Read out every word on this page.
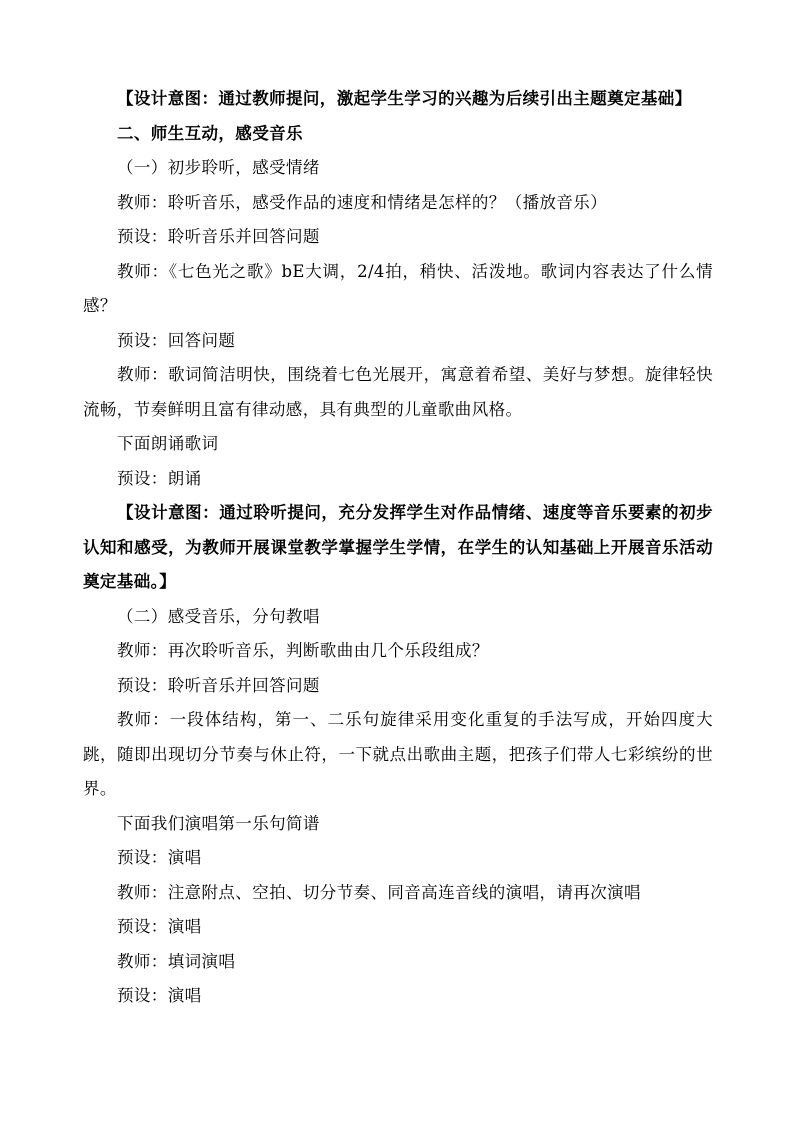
【设计意图：通过教师提问，激起学生学习的兴趣为后续引出主题奠定基础】

二、师生互动，感受音乐

（一）初步聆听，感受情绪

教师：聆听音乐，感受作品的速度和情绪是怎样的？（播放音乐）

预设：聆听音乐并回答问题

教师：《七色光之歌》bE大调，2/4拍，稍快、活泼地。歌词内容表达了什么情感？

预设：回答问题

教师：歌词简洁明快，围绕着七色光展开，寓意着希望、美好与梦想。旋律轻快流畅，节奏鲜明且富有律动感，具有典型的儿童歌曲风格。

下面朗诵歌词

预设：朗诵

【设计意图：通过聆听提问，充分发挥学生对作品情绪、速度等音乐要素的初步认知和感受，为教师开展课堂教学掌握学生学情，在学生的认知基础上开展音乐活动奠定基础。】

（二）感受音乐，分句教唱

教师：再次聆听音乐，判断歌曲由几个乐段组成？

预设：聆听音乐并回答问题

教师：一段体结构，第一、二乐句旋律采用变化重复的手法写成，开始四度大跳，随即出现切分节奏与休止符，一下就点出歌曲主题，把孩子们带人七彩缤纷的世界。

下面我们演唱第一乐句简谱

预设：演唱

教师：注意附点、空拍、切分节奏、同音高连音线的演唱，请再次演唱

预设：演唱

教师：填词演唱

预设：演唱
